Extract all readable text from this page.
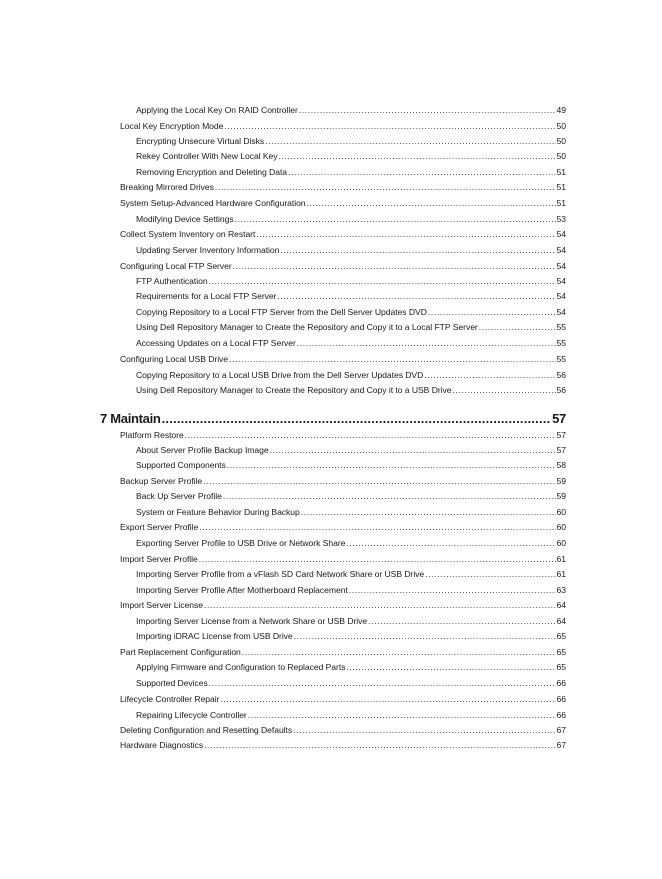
Applying the Local Key On RAID Controller .....	49
Local Key Encryption Mode .....	50
Encrypting Unsecure Virtual Disks .....	50
Rekey Controller With New Local Key .....	50
Removing Encryption and Deleting Data .....	51
Breaking Mirrored Drives .....	51
System Setup-Advanced Hardware Configuration .....	51
Modifying Device Settings .....	53
Collect System Inventory on Restart .....	54
Updating Server Inventory Information .....	54
Configuring Local FTP Server .....	54
FTP Authentication .....	54
Requirements for a Local FTP Server .....	54
Copying Repository to a Local FTP Server from the Dell Server Updates DVD .....	54
Using Dell Repository Manager to Create the Repository and Copy it to a Local FTP Server .....	55
Accessing Updates on a Local FTP Server .....	55
Configuring Local USB Drive .....	55
Copying Repository to a Local USB Drive from the Dell Server Updates DVD .....	56
Using Dell Repository Manager to Create the Repository and Copy it to a USB Drive .....	56
7 Maintain .....	57
Platform Restore .....	57
About Server Profile Backup Image .....	57
Supported Components .....	58
Backup Server Profile .....	59
Back Up Server Profile .....	59
System or Feature Behavior During Backup .....	60
Export Server Profile .....	60
Exporting Server Profile to USB Drive or Network Share .....	60
Import Server Profile .....	61
Importing Server Profile from a vFlash SD Card Network Share or USB Drive .....	61
Importing Server Profile After Motherboard Replacement .....	63
Import Server License .....	64
Importing Server License from a Network Share or USB Drive .....	64
Importing iDRAC License from USB Drive .....	65
Part Replacement Configuration .....	65
Applying Firmware and Configuration to Replaced Parts .....	65
Supported Devices .....	66
Lifecycle Controller Repair .....	66
Repairing Lifecycle Controller .....	66
Deleting Configuration and Resetting Defaults .....	67
Hardware Diagnostics .....	67
